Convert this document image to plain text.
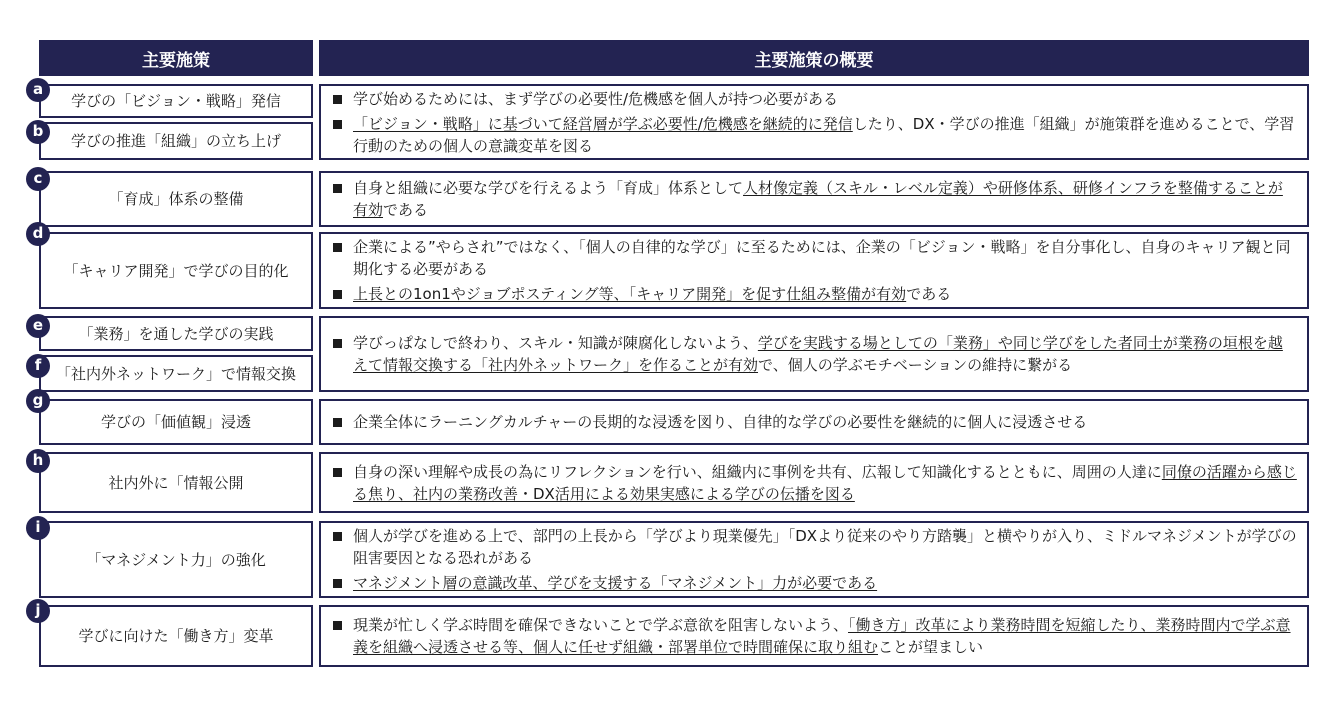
主要施策	主要施策の概要
学びの「ビジョン・戦略」発信
学びの推進「組織」の立ち上げ
「育成」体系の整備
「キャリア開発」で学びの目的化
「業務」を通した学びの実践
「社内外ネットワーク」で情報交換
学びの「価値観」浸透
社内外に「情報公開
「マネジメント力」の強化
学びに向けた「働き方」変革
a
b
c
d
e
f
g
h
i
j
学び始めるためには、まず学びの必要性/危機感を個人が持つ必要がある
「ビジョン・戦略」に基づいて経営層が学ぶ必要性/危機感を継続的に発信したり、DX・学びの推進「組織」が施策群を進めることで、学習行動のための個人の意識変革を図る
自身と組織に必要な学びを行えるよう「育成」体系として人材像定義（スキル・レベル定義）や研修体系、研修インフラを整備することが有効である
企業による”やらされ”ではなく、「個人の自律的な学び」に至るためには、企業の「ビジョン・戦略」を自分事化し、自身のキャリア観と同期化する必要がある
上長との1on1やジョブポスティング等、「キャリア開発」を促す仕組み整備が有効である
学びっぱなしで終わり、スキル・知識が陳腐化しないよう、学びを実践する場としての「業務」や同じ学びをした者同士が業務の垣根を越えて情報交換する「社内外ネットワーク」を作ることが有効で、個人の学ぶモチベーションの維持に繋がる
企業全体にラーニングカルチャーの長期的な浸透を図り、自律的な学びの必要性を継続的に個人に浸透させる
自身の深い理解や成長の為にリフレクションを行い、組織内に事例を共有、広報して知識化するとともに、周囲の人達に同僚の活躍から感じる焦り、社内の業務改善・DX活用による効果実感による学びの伝播を図る
個人が学びを進める上で、部門の上長から「学びより現業優先」「DXより従来のやり方踏襲」と横やりが入り、ミドルマネジメントが学びの阻害要因となる恐れがある
マネジメント層の意識改革、学びを支援する「マネジメント」力が必要である
現業が忙しく学ぶ時間を確保できないことで学ぶ意欲を阻害しないよう、「働き方」改革により業務時間を短縮したり、業務時間内で学ぶ意義を組織へ浸透させる等、個人に任せず組織・部署単位で時間確保に取り組むことが望ましい
